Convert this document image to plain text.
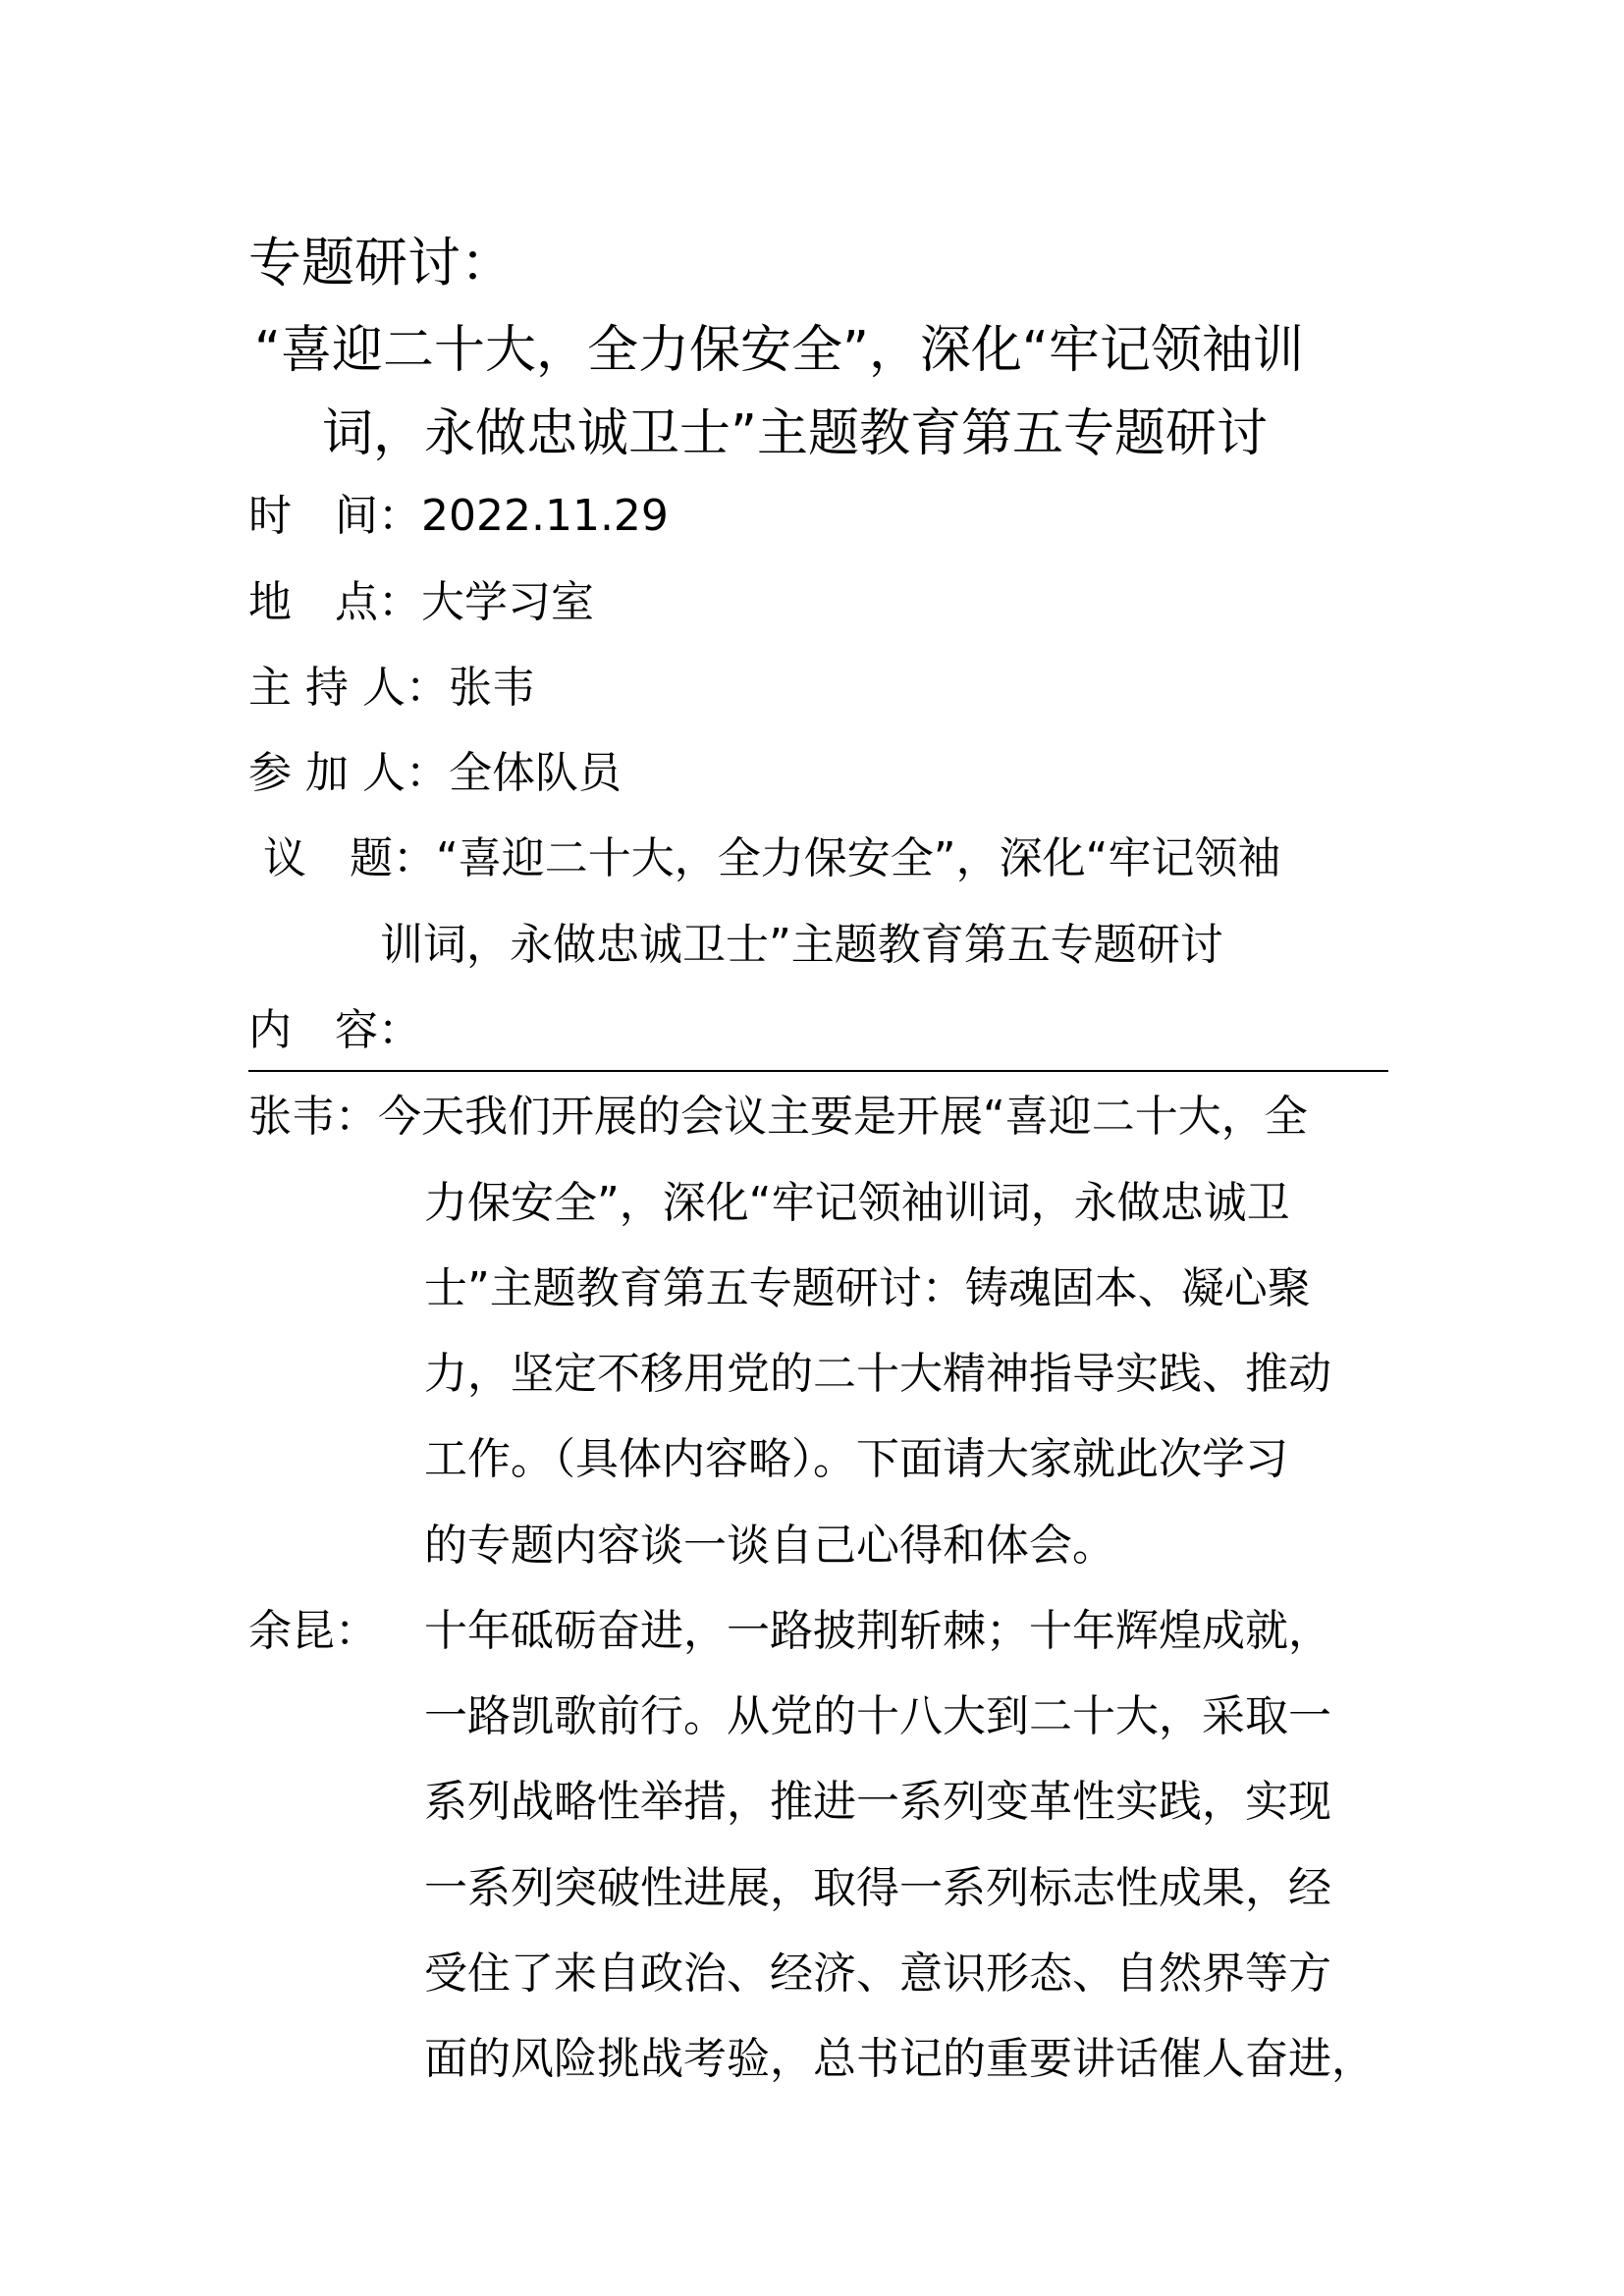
专题研讨：
“喜迎二十大，全力保安全”，深化“牢记领袖训
词，永做忠诚卫士”主题教育第五专题研讨
时　间：2022.11.29
地　点：大学习室
主 持 人：张韦
参 加 人：全体队员
议　题：“喜迎二十大，全力保安全”，深化“牢记领袖
训词，永做忠诚卫士”主题教育第五专题研讨
内　容：
张韦： 今天我们开展的会议主要是开展“喜迎二十大，全
力保安全”，深化“牢记领袖训词，永做忠诚卫
士”主题教育第五专题研讨：铸魂固本、凝心聚
力，坚定不移用党的二十大精神指导实践、推动
工作。（具体内容略）。下面请大家就此次学习
的专题内容谈一谈自己心得和体会。
余昆： 十年砥砺奋进，一路披荆斩棘；十年辉煌成就，
一路凯歌前行。从党的十八大到二十大，采取一
系列战略性举措，推进一系列变革性实践，实现
一系列突破性进展，取得一系列标志性成果，经
受住了来自政治、经济、意识形态、自然界等方
面的风险挑战考验，总书记的重要讲话催人奋进，
